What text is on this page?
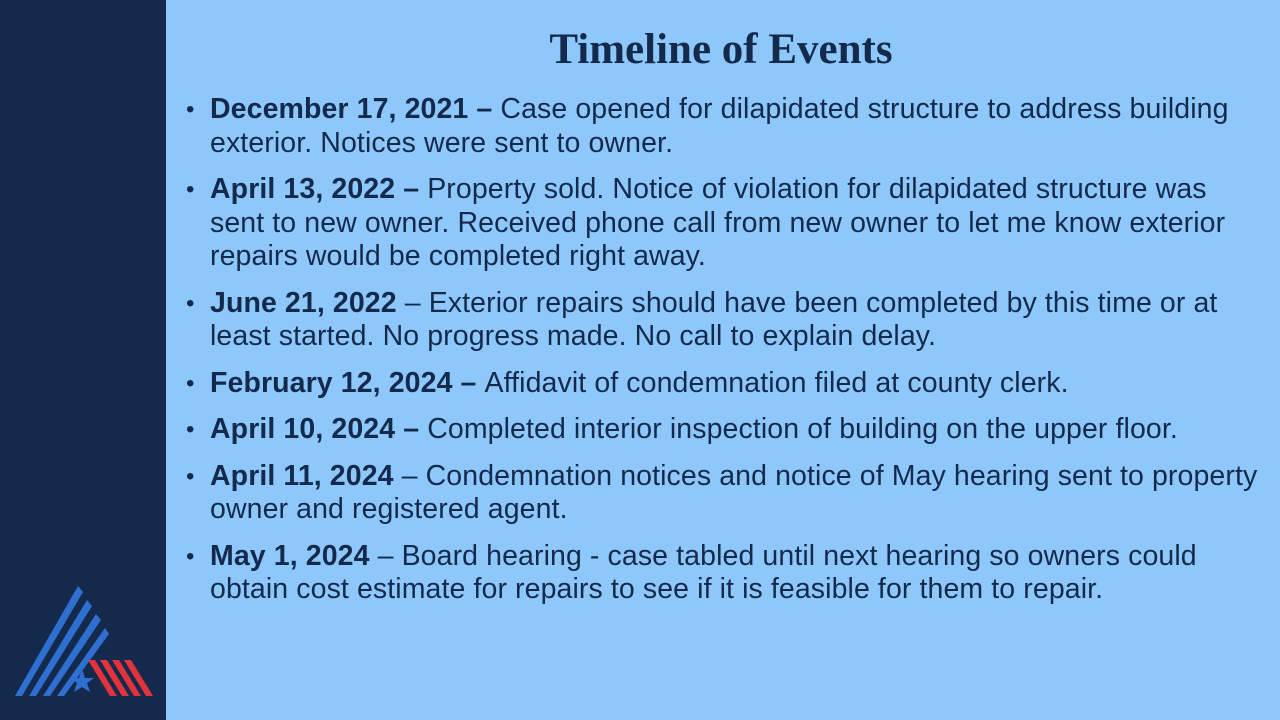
Timeline of Events
• December 17, 2021 – Case opened for dilapidated structure to address building exterior. Notices were sent to owner.
• April 13, 2022 – Property sold. Notice of violation for dilapidated structure was sent to new owner. Received phone call from new owner to let me know exterior repairs would be completed right away.
• June 21, 2022 – Exterior repairs should have been completed by this time or at least started. No progress made. No call to explain delay.
• February 12, 2024 – Affidavit of condemnation filed at county clerk.
• April 10, 2024 – Completed interior inspection of building on the upper floor.
• April 11, 2024 – Condemnation notices and notice of May hearing sent to property owner and registered agent.
• May 1, 2024 – Board hearing - case tabled until next hearing so owners could obtain cost estimate for repairs to see if it is feasible for them to repair.
